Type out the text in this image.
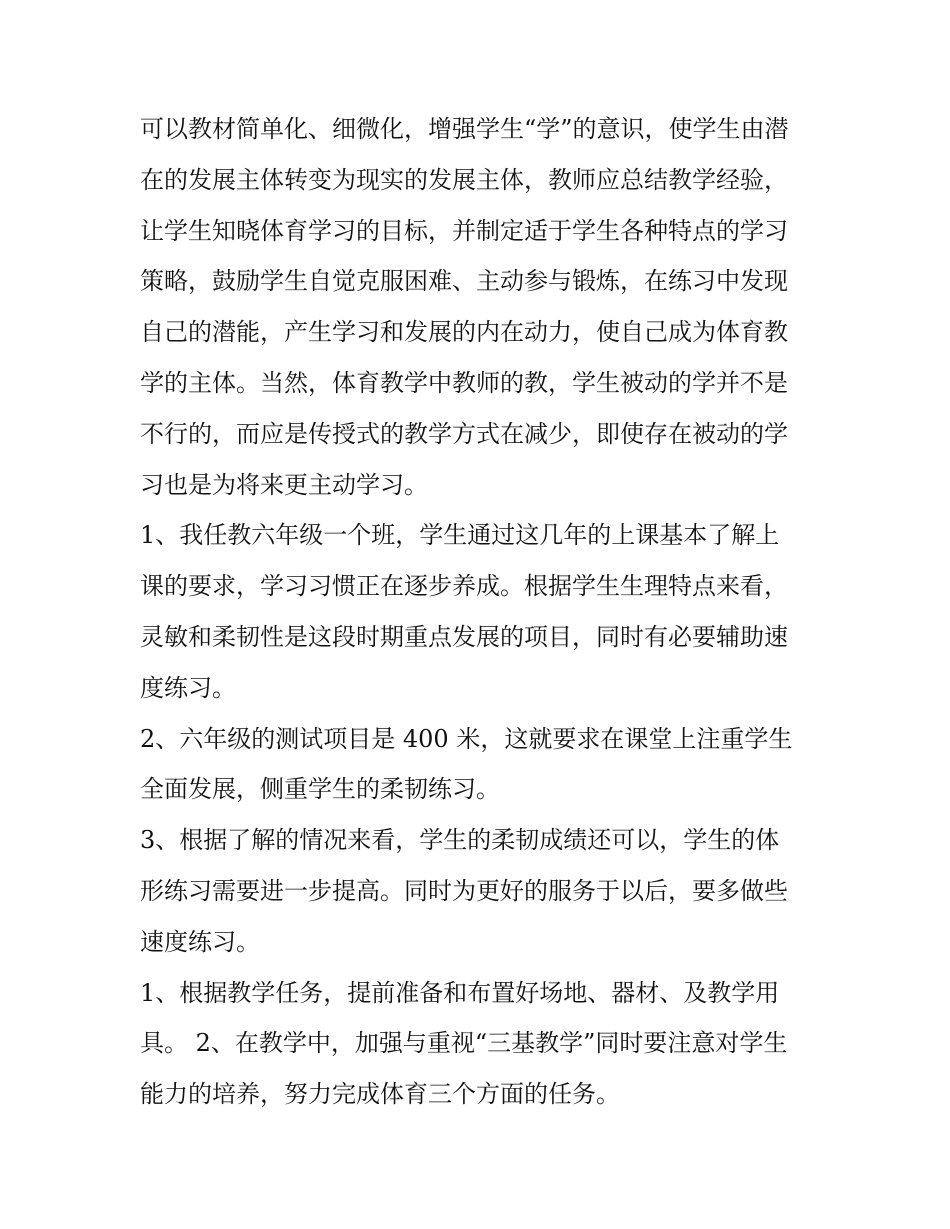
可以教材简单化、细微化，增强学生“学”的意识，使学生由潜
在的发展主体转变为现实的发展主体，教师应总结教学经验，
让学生知晓体育学习的目标，并制定适于学生各种特点的学习
策略，鼓励学生自觉克服困难、主动参与锻炼，在练习中发现
自己的潜能，产生学习和发展的内在动力，使自己成为体育教
学的主体。当然，体育教学中教师的教，学生被动的学并不是
不行的，而应是传授式的教学方式在减少，即使存在被动的学
习也是为将来更主动学习。
1、我任教六年级一个班，学生通过这几年的上课基本了解上
课的要求，学习习惯正在逐步养成。根据学生生理特点来看，
灵敏和柔韧性是这段时期重点发展的项目，同时有必要辅助速
度练习。
2、六年级的测试项目是 400 米，这就要求在课堂上注重学生
全面发展，侧重学生的柔韧练习。
3、根据了解的情况来看，学生的柔韧成绩还可以，学生的体
形练习需要进一步提高。同时为更好的服务于以后，要多做些
速度练习。
1、根据教学任务，提前准备和布置好场地、器材、及教学用
具。 2、在教学中，加强与重视“三基教学”同时要注意对学生
能力的培养，努力完成体育三个方面的任务。
